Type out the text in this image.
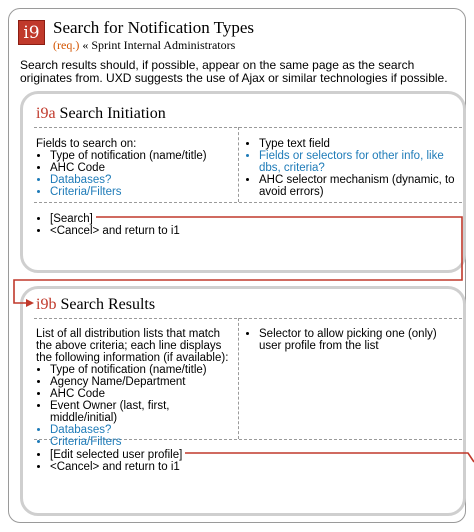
i9 Search for Notification Types
(req.) « Sprint Internal Administrators
Search results should, if possible, appear on the same page as the search originates from. UXD suggests the use of Ajax or similar technologies if possible.
i9a Search Initiation
Fields to search on:
• Type of notification (name/title)
• AHC Code
• Databases?
• Criteria/Filters
• Type text field
• Fields or selectors for other info, like dbs, criteria?
• AHC selector mechanism (dynamic, to avoid errors)
• [Search]
• <Cancel> and return to i1
i9b Search Results
List of all distribution lists that match the above criteria; each line displays the following information (if available):
• Type of notification (name/title)
• Agency Name/Department
• AHC Code
• Event Owner (last, first, middle/initial)
• Databases?
• Criteria/Filters
• Selector to allow picking one (only) user profile from the list
• [Edit selected user profile]
• <Cancel> and return to i1
